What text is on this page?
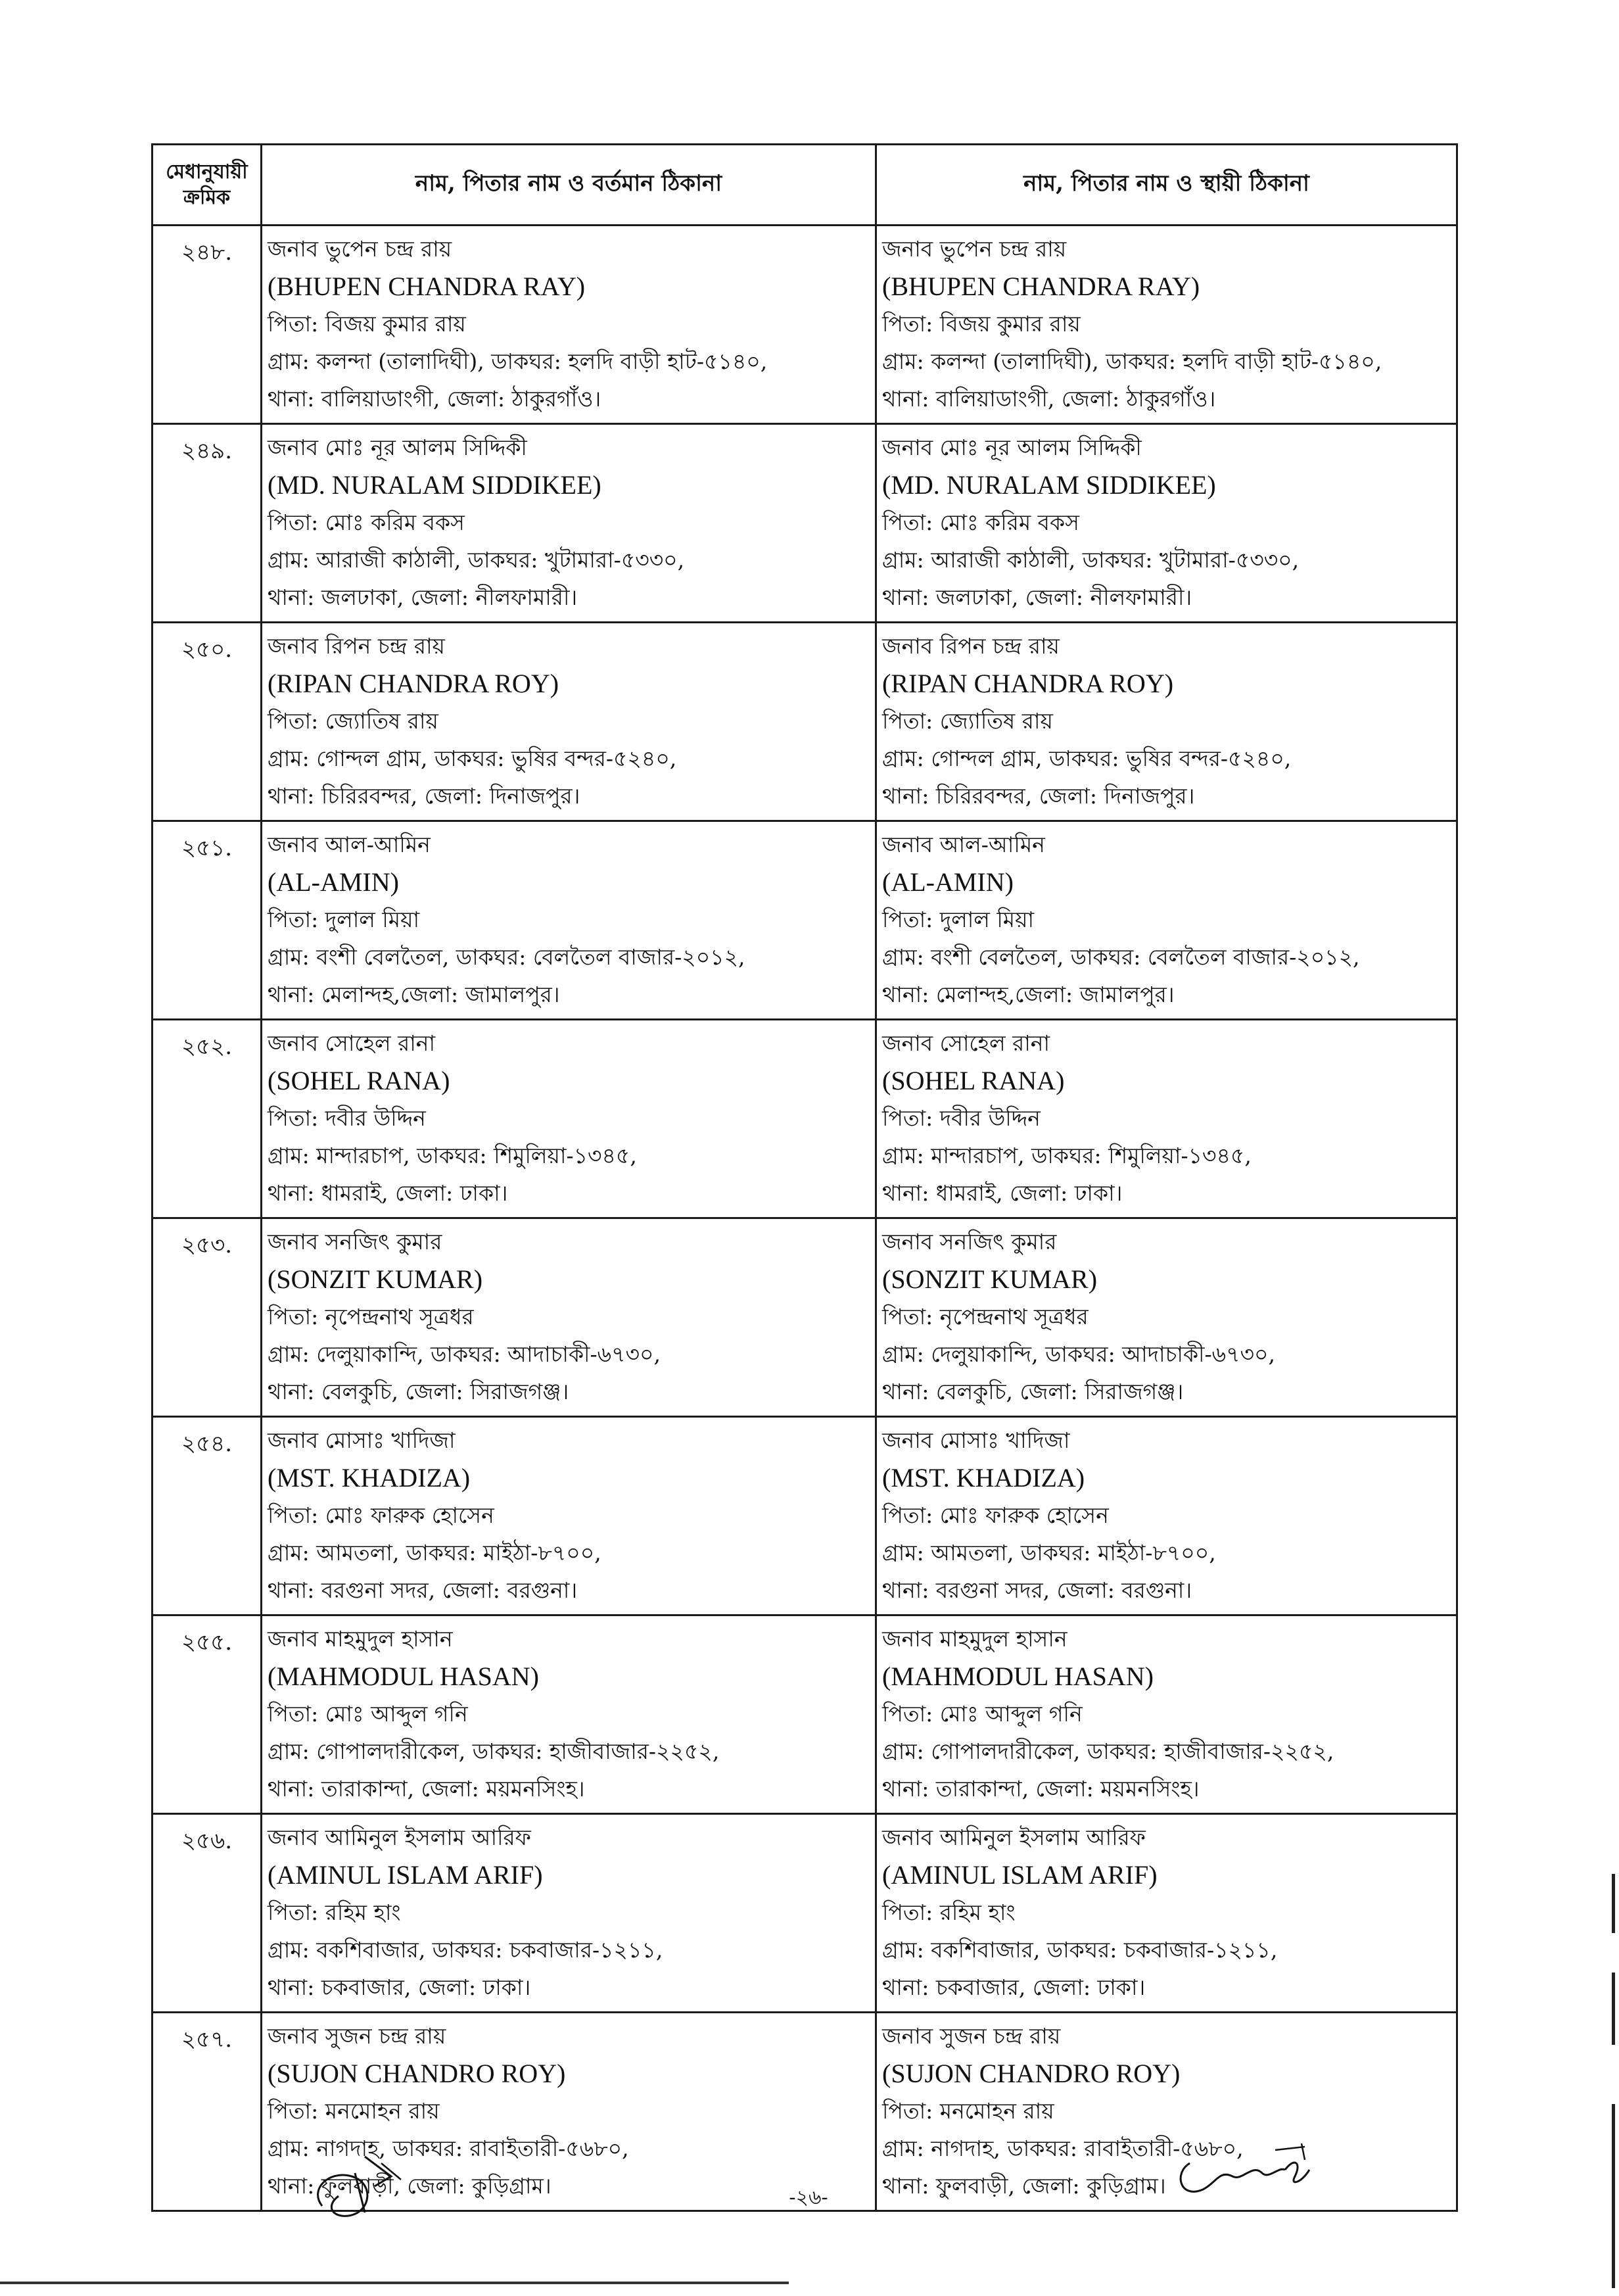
মেধানুযায়ী ক্রমিক	নাম, পিতার নাম ও বর্তমান ঠিকানা	নাম, পিতার নাম ও স্থায়ী ঠিকানা
২৪৮.	জনাব ভুপেন চন্দ্র রায়
(BHUPEN CHANDRA RAY)
পিতা: বিজয় কুমার রায়
গ্রাম: কলন্দা (তালাদিঘী), ডাকঘর: হলদি বাড়ী হাট-৫১৪০,
থানা: বালিয়াডাংগী, জেলা: ঠাকুরগাঁও।	জনাব ভুপেন চন্দ্র রায়
(BHUPEN CHANDRA RAY)
পিতা: বিজয় কুমার রায়
গ্রাম: কলন্দা (তালাদিঘী), ডাকঘর: হলদি বাড়ী হাট-৫১৪০,
থানা: বালিয়াডাংগী, জেলা: ঠাকুরগাঁও।

২৪৯.	জনাব মোঃ নূর আলম সিদ্দিকী
(MD. NURALAM SIDDIKEE)
পিতা: মোঃ করিম বকস
গ্রাম: আরাজী কাঠালী, ডাকঘর: খুটামারা-৫৩৩০,
থানা: জলঢাকা, জেলা: নীলফামারী।	জনাব মোঃ নূর আলম সিদ্দিকী
(MD. NURALAM SIDDIKEE)
পিতা: মোঃ করিম বকস
গ্রাম: আরাজী কাঠালী, ডাকঘর: খুটামারা-৫৩৩০,
থানা: জলঢাকা, জেলা: নীলফামারী।

২৫০.	জনাব রিপন চন্দ্র রায়
(RIPAN CHANDRA ROY)
পিতা: জ্যোতিষ রায়
গ্রাম: গোন্দল গ্রাম, ডাকঘর: ভুষির বন্দর-৫২৪০,
থানা: চিরিরবন্দর, জেলা: দিনাজপুর।	জনাব রিপন চন্দ্র রায়
(RIPAN CHANDRA ROY)
পিতা: জ্যোতিষ রায়
গ্রাম: গোন্দল গ্রাম, ডাকঘর: ভুষির বন্দর-৫২৪০,
থানা: চিরিরবন্দর, জেলা: দিনাজপুর।

২৫১.	জনাব আল-আমিন
(AL-AMIN)
পিতা: দুলাল মিয়া
গ্রাম: বংশী বেলতৈল, ডাকঘর: বেলতৈল বাজার-২০১২,
থানা: মেলান্দহ,জেলা: জামালপুর।	জনাব আল-আমিন
(AL-AMIN)
পিতা: দুলাল মিয়া
গ্রাম: বংশী বেলতৈল, ডাকঘর: বেলতৈল বাজার-২০১২,
থানা: মেলান্দহ,জেলা: জামালপুর।

২৫২.	জনাব সোহেল রানা
(SOHEL RANA)
পিতা: দবীর উদ্দিন
গ্রাম: মান্দারচাপ, ডাকঘর: শিমুলিয়া-১৩৪৫,
থানা: ধামরাই, জেলা: ঢাকা।	জনাব সোহেল রানা
(SOHEL RANA)
পিতা: দবীর উদ্দিন
গ্রাম: মান্দারচাপ, ডাকঘর: শিমুলিয়া-১৩৪৫,
থানা: ধামরাই, জেলা: ঢাকা।

২৫৩.	জনাব সনজিৎ কুমার
(SONZIT KUMAR)
পিতা: নৃপেন্দ্রনাথ সূত্রধর
গ্রাম: দেলুয়াকান্দি, ডাকঘর: আদাচাকী-৬৭৩০,
থানা: বেলকুচি, জেলা: সিরাজগঞ্জ।	জনাব সনজিৎ কুমার
(SONZIT KUMAR)
পিতা: নৃপেন্দ্রনাথ সূত্রধর
গ্রাম: দেলুয়াকান্দি, ডাকঘর: আদাচাকী-৬৭৩০,
থানা: বেলকুচি, জেলা: সিরাজগঞ্জ।

২৫৪.	জনাব মোসাঃ খাদিজা
(MST. KHADIZA)
পিতা: মোঃ ফারুক হোসেন
গ্রাম: আমতলা, ডাকঘর: মাইঠা-৮৭০০,
থানা: বরগুনা সদর, জেলা: বরগুনা।	জনাব মোসাঃ খাদিজা
(MST. KHADIZA)
পিতা: মোঃ ফারুক হোসেন
গ্রাম: আমতলা, ডাকঘর: মাইঠা-৮৭০০,
থানা: বরগুনা সদর, জেলা: বরগুনা।

২৫৫.	জনাব মাহমুদুল হাসান
(MAHMODUL HASAN)
পিতা: মোঃ আব্দুল গনি
গ্রাম: গোপালদারীকেল, ডাকঘর: হাজীবাজার-২২৫২,
থানা: তারাকান্দা, জেলা: ময়মনসিংহ।	জনাব মাহমুদুল হাসান
(MAHMODUL HASAN)
পিতা: মোঃ আব্দুল গনি
গ্রাম: গোপালদারীকেল, ডাকঘর: হাজীবাজার-২২৫২,
থানা: তারাকান্দা, জেলা: ময়মনসিংহ।

২৫৬.	জনাব আমিনুল ইসলাম আরিফ
(AMINUL ISLAM ARIF)
পিতা: রহিম হাং
গ্রাম: বকশিবাজার, ডাকঘর: চকবাজার-১২১১,
থানা: চকবাজার, জেলা: ঢাকা।	জনাব আমিনুল ইসলাম আরিফ
(AMINUL ISLAM ARIF)
পিতা: রহিম হাং
গ্রাম: বকশিবাজার, ডাকঘর: চকবাজার-১২১১,
থানা: চকবাজার, জেলা: ঢাকা।

২৫৭.	জনাব সুজন চন্দ্র রায়
(SUJON CHANDRO ROY)
পিতা: মনমোহন রায়
গ্রাম: নাগদাহ, ডাকঘর: রাবাইতারী-৫৬৮০,
থানা: ফুলবাড়ী, জেলা: কুড়িগ্রাম।	জনাব সুজন চন্দ্র রায়
(SUJON CHANDRO ROY)
পিতা: মনমোহন রায়
গ্রাম: নাগদাহ, ডাকঘর: রাবাইতারী-৫৬৮০,
থানা: ফুলবাড়ী, জেলা: কুড়িগ্রাম।
-২৬-
